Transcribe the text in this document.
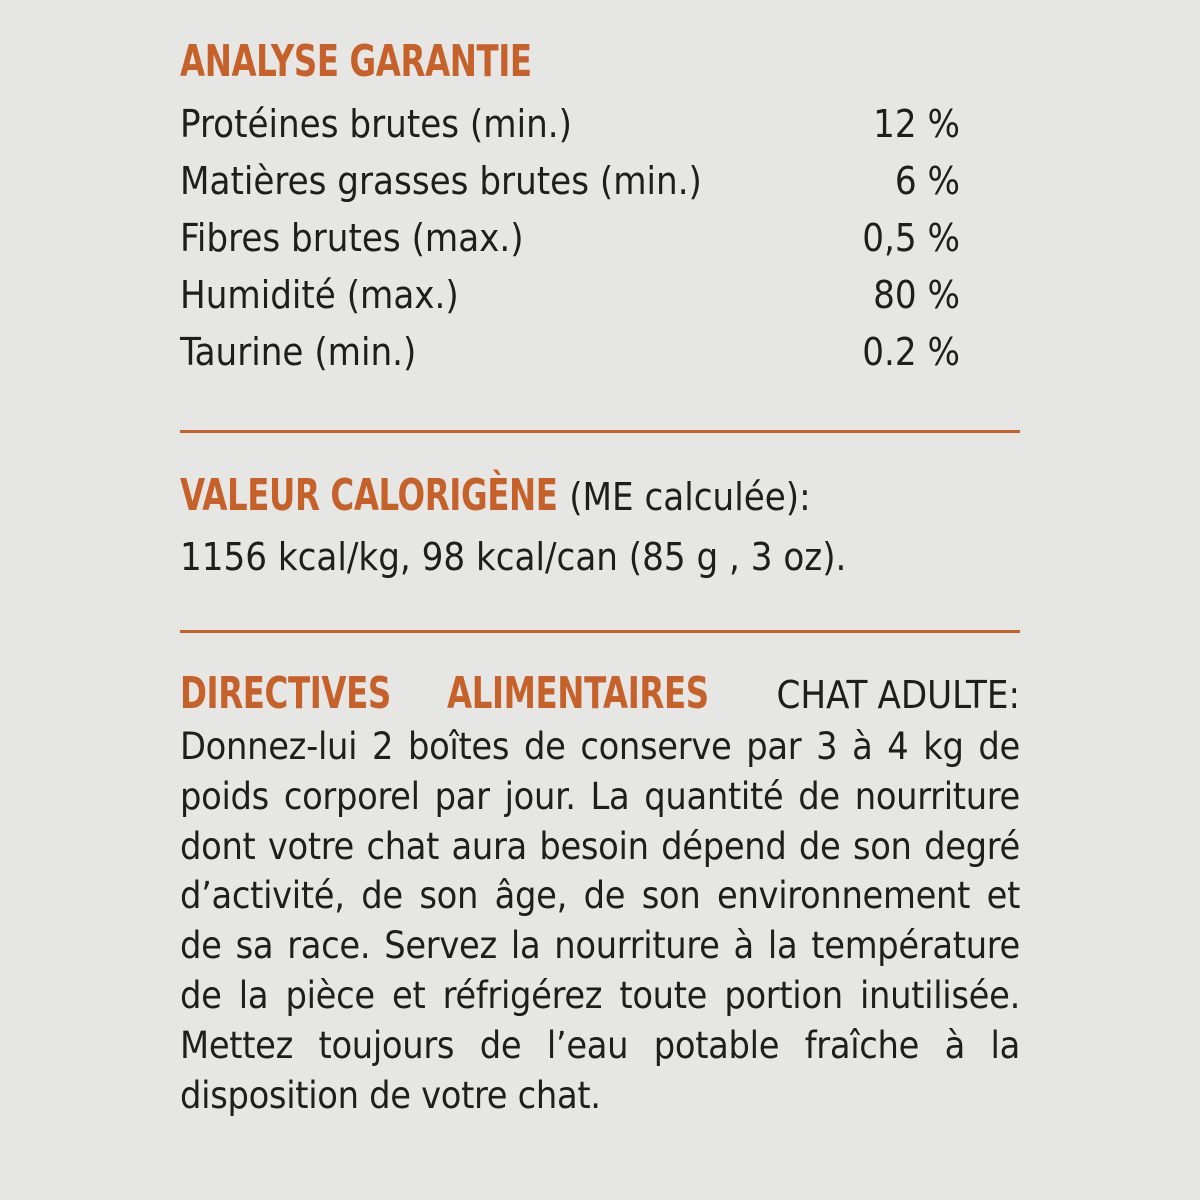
ANALYSE GARANTIE
Protéines brutes (min.)	12 %
Matières grasses brutes (min.)	6 %
Fibres brutes (max.)	0,5 %
Humidité (max.)	80 %
Taurine (min.)	0.2 %
VALEUR CALORIGÈNE (ME calculée):
1156 kcal/kg, 98 kcal/can (85 g , 3 oz).
DIRECTIVES ALIMENTAIRES CHAT ADULTE:
Donnez-lui 2 boîtes de conserve par 3 à 4 kg de poids corporel par jour. La quantité de nourriture dont votre chat aura besoin dépend de son degré d’activité, de son âge, de son environnement et de sa race. Servez la nourriture à la température de la pièce et réfrigérez toute portion inutilisée. Mettez toujours de l’eau potable fraîche à la disposition de votre chat.
